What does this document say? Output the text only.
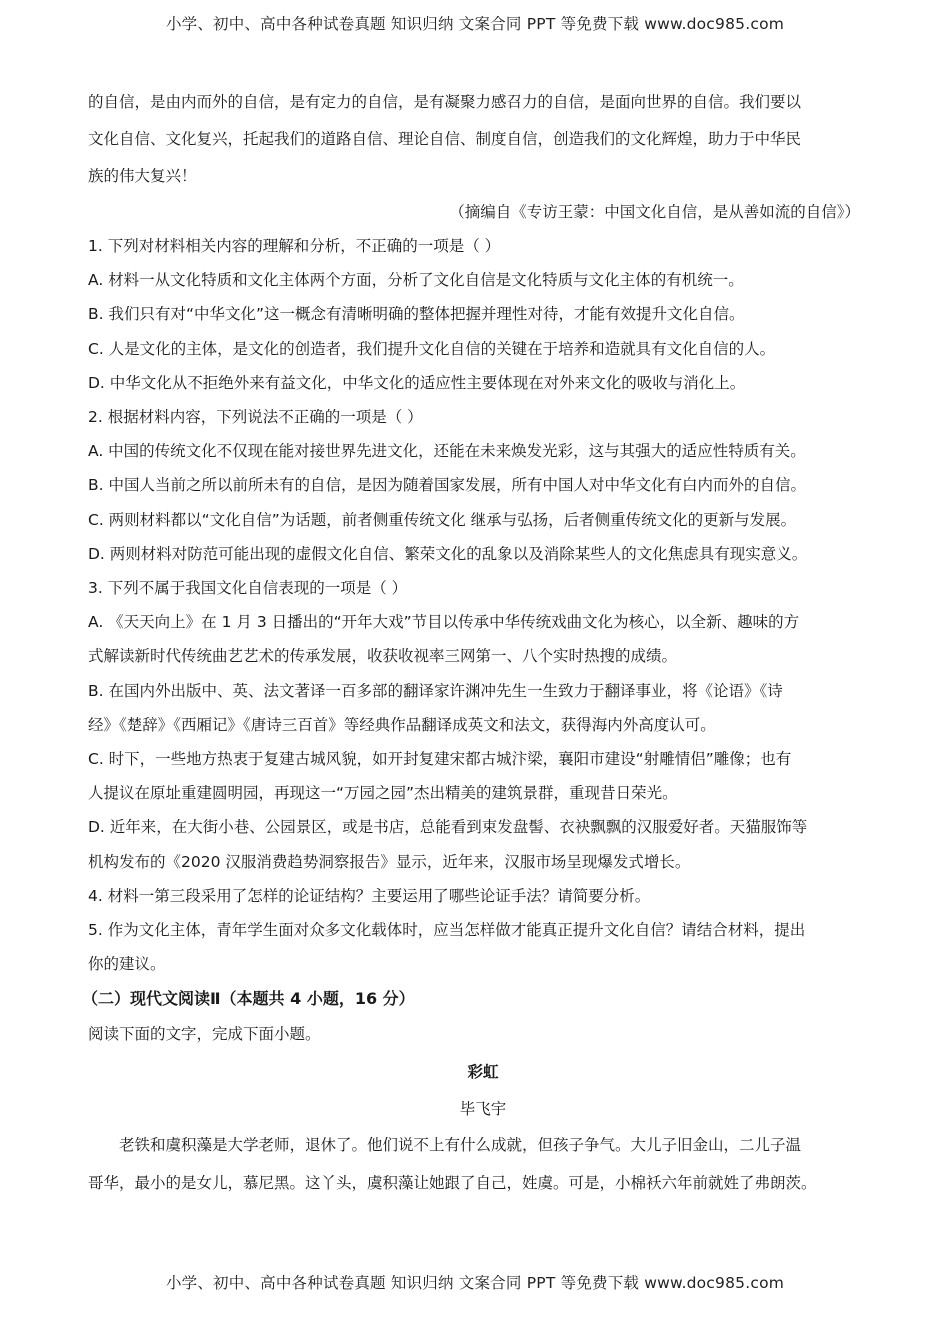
小学、初中、高中各种试卷真题 知识归纳 文案合同 PPT 等免费下载 www.doc985.com

的自信，是由内而外的自信，是有定力的自信，是有凝聚力感召力的自信，是面向世界的自信。我们要以

文化自信、文化复兴，托起我们的道路自信、理论自信、制度自信，创造我们的文化辉煌，助力于中华民

族的伟大复兴！

（摘编自《专访王蒙：中国文化自信，是从善如流的自信》）

1. 下列对材料相关内容的理解和分析，不正确的一项是（ ）

A. 材料一从文化特质和文化主体两个方面，分析了文化自信是文化特质与文化主体的有机统一。

B. 我们只有对“中华文化”这一概念有清晰明确的整体把握并理性对待，才能有效提升文化自信。

C. 人是文化的主体，是文化的创造者，我们提升文化自信的关键在于培养和造就具有文化自信的人。

D. 中华文化从不拒绝外来有益文化，中华文化的适应性主要体现在对外来文化的吸收与消化上。

2. 根据材料内容，下列说法不正确的一项是（ ）

A. 中国的传统文化不仅现在能对接世界先进文化，还能在未来焕发光彩，这与其强大的适应性特质有关。

B. 中国人当前之所以前所未有的自信，是因为随着国家发展，所有中国人对中华文化有白内而外的自信。

C. 两则材料都以“文化自信”为话题，前者侧重传统文化 继承与弘扬，后者侧重传统文化的更新与发展。

D. 两则材料对防范可能出现的虚假文化自信、繁荣文化的乱象以及消除某些人的文化焦虑具有现实意义。

3. 下列不属于我国文化自信表现的一项是（ ）

A. 《天天向上》在 1 月 3 日播出的“开年大戏”节目以传承中华传统戏曲文化为核心，以全新、趣味的方

式解读新时代传统曲艺艺术的传承发展，收获收视率三网第一、八个实时热搜的成绩。

B. 在国内外出版中、英、法文著译一百多部的翻译家许渊冲先生一生致力于翻译事业，将《论语》《诗

经》《楚辞》《西厢记》《唐诗三百首》等经典作品翻译成英文和法文，获得海内外高度认可。

C. 时下，一些地方热衷于复建古城风貌，如开封复建宋都古城汴梁，襄阳市建设“射雕情侣”雕像；也有

人提议在原址重建圆明园，再现这一“万园之园”杰出精美的建筑景群，重现昔日荣光。

D. 近年来，在大街小巷、公园景区，或是书店，总能看到束发盘髻、衣袂飘飘的汉服爱好者。天猫服饰等

机构发布的《2020 汉服消费趋势洞察报告》显示，近年来，汉服市场呈现爆发式增长。

4. 材料一第三段采用了怎样的论证结构？主要运用了哪些论证手法？请简要分析。

5. 作为文化主体，青年学生面对众多文化载体时，应当怎样做才能真正提升文化自信？请结合材料，提出

你的建议。

（二）现代文阅读Ⅱ（本题共 4 小题，16 分）

阅读下面的文字，完成下面小题。

彩虹

毕飞宇

老铁和虞积藻是大学老师，退休了。他们说不上有什么成就，但孩子争气。大儿子旧金山，二儿子温

哥华，最小的是女儿，慕尼黑。这丫头，虞积藻让她跟了自己，姓虞。可是，小棉袄六年前就姓了弗朗茨。

小学、初中、高中各种试卷真题 知识归纳 文案合同 PPT 等免费下载 www.doc985.com
